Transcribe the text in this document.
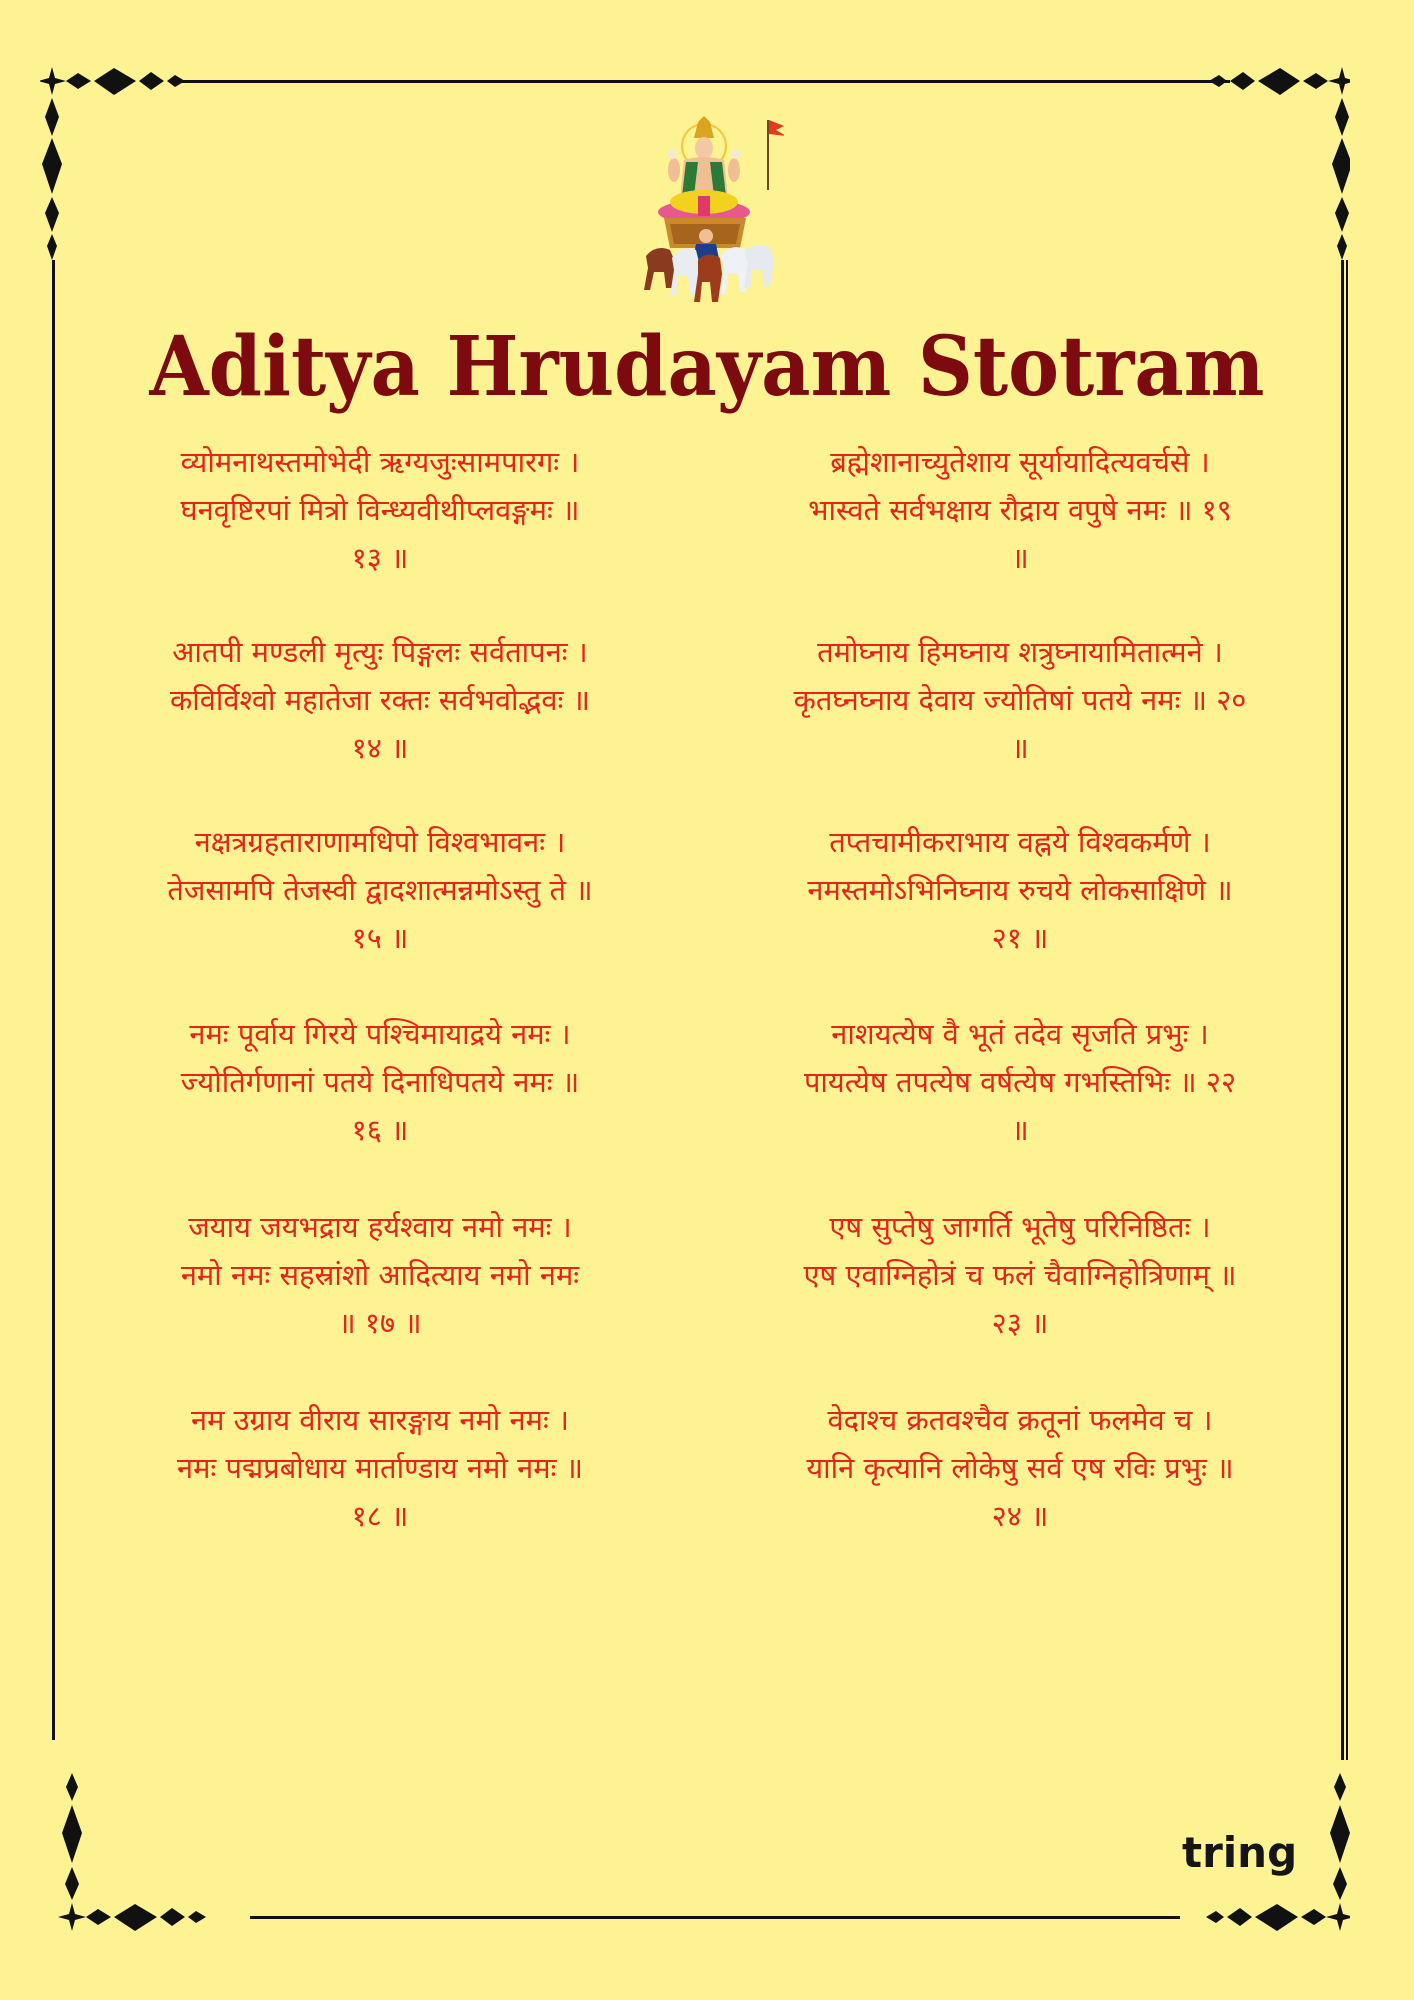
Aditya Hrudayam Stotram
व्योमनाथस्तमोभेदी ऋग्यजुःसामपारगः ।
घनवृष्टिरपां मित्रो विन्ध्यवीथीप्लवङ्गमः ॥
१३ ॥
आतपी मण्डली मृत्युः पिङ्गलः सर्वतापनः ।
कविर्विश्वो महातेजा रक्तः सर्वभवोद्भवः ॥
१४ ॥
नक्षत्रग्रहताराणामधिपो विश्वभावनः ।
तेजसामपि तेजस्वी द्वादशात्मन्नमोऽस्तु ते ॥
१५ ॥
नमः पूर्वाय गिरये पश्चिमायाद्रये नमः ।
ज्योतिर्गणानां पतये दिनाधिपतये नमः ॥
१६ ॥
जयाय जयभद्राय हर्यश्वाय नमो नमः ।
नमो नमः सहस्रांशो आदित्याय नमो नमः
॥ १७ ॥
नम उग्राय वीराय सारङ्गाय नमो नमः ।
नमः पद्मप्रबोधाय मार्ताण्डाय नमो नमः ॥
१८ ॥
ब्रह्मेशानाच्युतेशाय सूर्यायादित्यवर्चसे ।
भास्वते सर्वभक्षाय रौद्राय वपुषे नमः ॥ १९
॥
तमोघ्नाय हिमघ्नाय शत्रुघ्नायामितात्मने ।
कृतघ्नघ्नाय देवाय ज्योतिषां पतये नमः ॥ २०
॥
तप्तचामीकराभाय वह्नये विश्वकर्मणे ।
नमस्तमोऽभिनिघ्नाय रुचये लोकसाक्षिणे ॥
२१ ॥
नाशयत्येष वै भूतं तदेव सृजति प्रभुः ।
पायत्येष तपत्येष वर्षत्येष गभस्तिभिः ॥ २२
॥
एष सुप्तेषु जागर्ति भूतेषु परिनिष्ठितः ।
एष एवाग्निहोत्रं च फलं चैवाग्निहोत्रिणाम् ॥
२३ ॥
वेदाश्च क्रतवश्चैव क्रतूनां फलमेव च ।
यानि कृत्यानि लोकेषु सर्व एष रविः प्रभुः ॥
२४ ॥
tring
